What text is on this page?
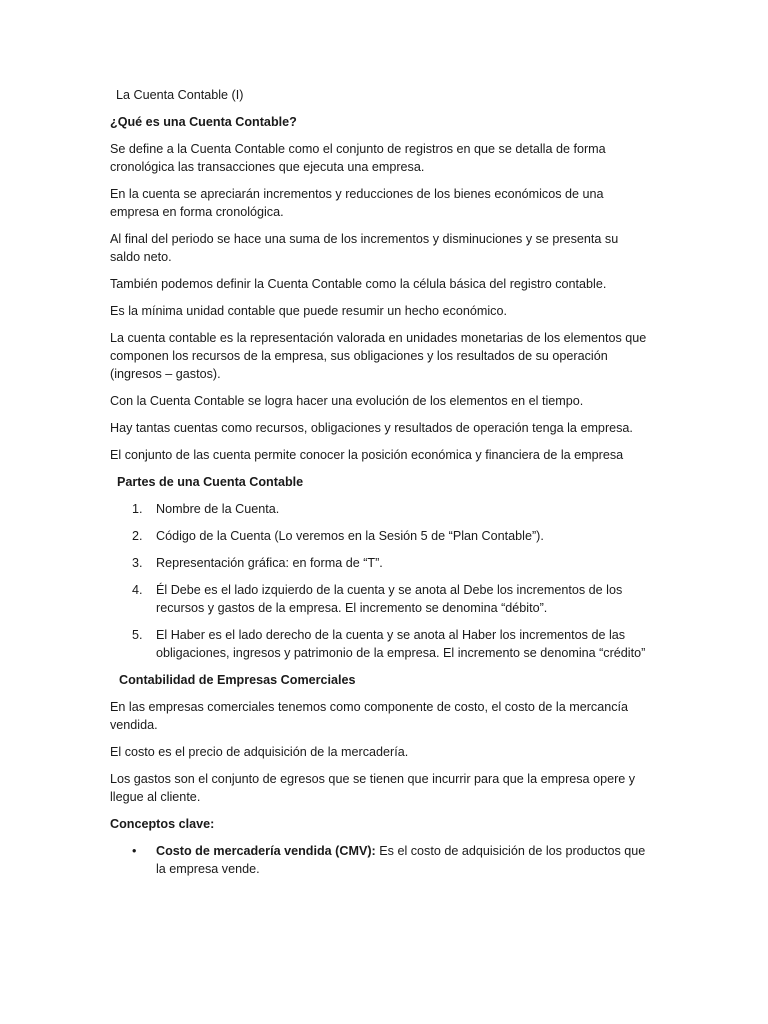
La Cuenta Contable (I)

¿Qué es una Cuenta Contable?

Se define a la Cuenta Contable como el conjunto de registros en que se detalla de forma cronológica las transacciones que ejecuta una empresa.

En la cuenta se apreciarán incrementos y reducciones de los bienes económicos de una empresa en forma cronológica.

Al final del periodo se hace una suma de los incrementos y disminuciones y se presenta su saldo neto.

También podemos definir la Cuenta Contable como la célula básica del registro contable.

Es la mínima unidad contable que puede resumir un hecho económico.

La cuenta contable es la representación valorada en unidades monetarias de los elementos que componen los recursos de la empresa, sus obligaciones y los resultados de su operación (ingresos – gastos).

Con la Cuenta Contable se logra hacer una evolución de los elementos en el tiempo.

Hay tantas cuentas como recursos, obligaciones y resultados de operación tenga la empresa.

El conjunto de las cuenta permite conocer la posición económica y financiera de la empresa

Partes de una Cuenta Contable

1. Nombre de la Cuenta.
2. Código de la Cuenta (Lo veremos en la Sesión 5 de “Plan Contable”).
3. Representación gráfica: en forma de “T”.
4. Él Debe es el lado izquierdo de la cuenta y se anota al Debe los incrementos de los recursos y gastos de la empresa. El incremento se denomina “débito”.
5. El Haber es el lado derecho de la cuenta y se anota al Haber los incrementos de las obligaciones, ingresos y patrimonio de la empresa. El incremento se denomina “crédito”

Contabilidad de Empresas Comerciales

En las empresas comerciales tenemos como componente de costo, el costo de la mercancía vendida.

El costo es el precio de adquisición de la mercadería.

Los gastos son el conjunto de egresos que se tienen que incurrir para que la empresa opere y llegue al cliente.

Conceptos clave:

• Costo de mercadería vendida (CMV): Es el costo de adquisición de los productos que la empresa vende.
